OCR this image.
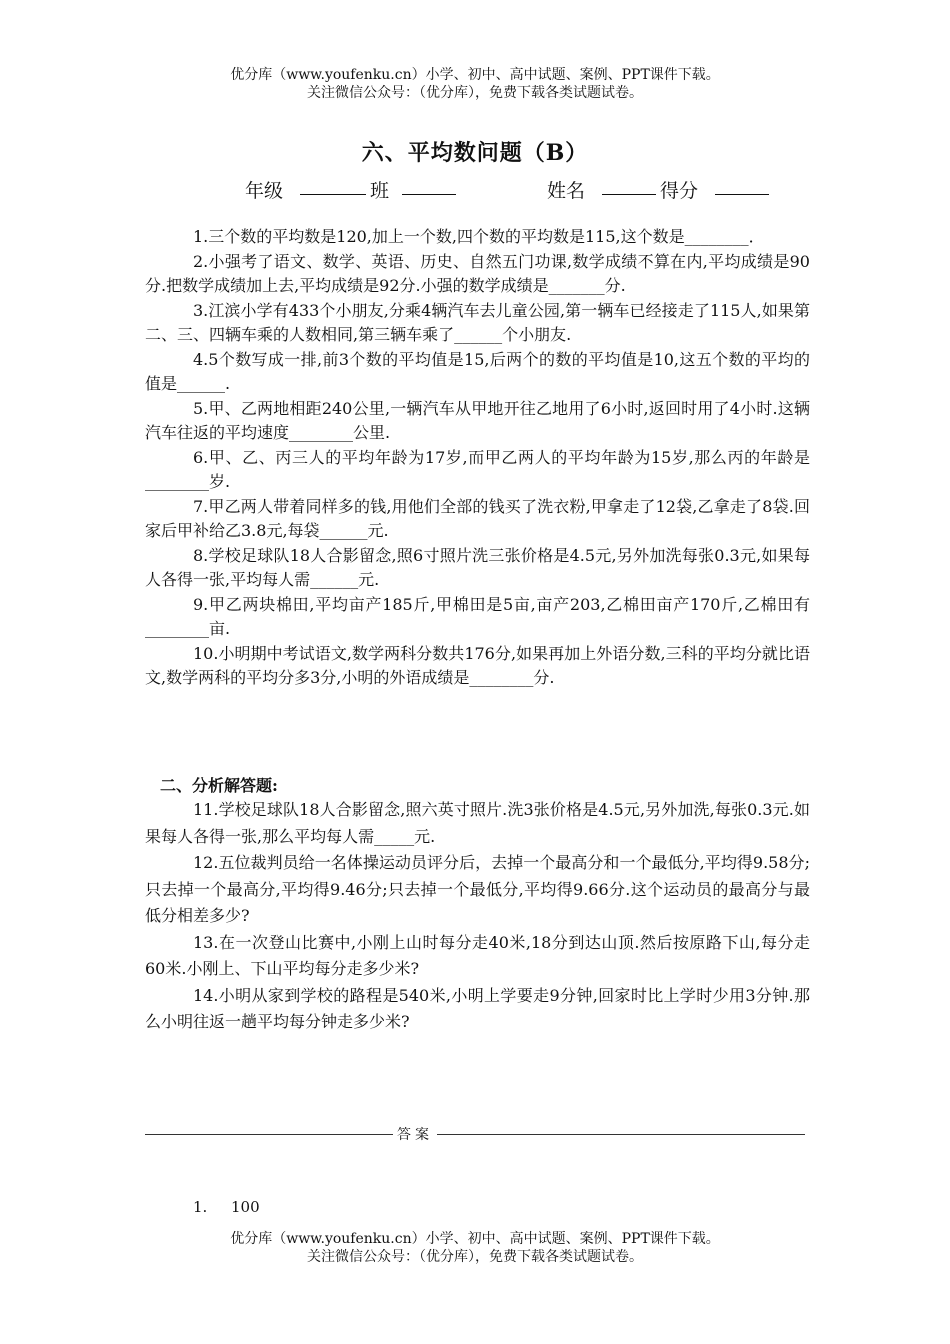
优分库（www.youfenku.cn）小学、初中、高中试题、案例、PPT课件下载。
关注微信公众号：（优分库），免费下载各类试题试卷。
六、平均数问题（B）
年级	班	姓名	得分

1.三个数的平均数是120,加上一个数,四个数的平均数是115,这个数是________．

2.小强考了语文、数学、英语、历史、自然五门功课,数学成绩不算在内,平均成绩是90分.把数学成绩加上去,平均成绩是92分.小强的数学成绩是_______分.

3.江滨小学有433个小朋友,分乘4辆汽车去儿童公园,第一辆车已经接走了115人,如果第二、三、四辆车乘的人数相同,第三辆车乘了______个小朋友.

4.5个数写成一排,前3个数的平均值是15,后两个的数的平均值是10,这五个数的平均的值是______.

5.甲、乙两地相距240公里,一辆汽车从甲地开往乙地用了6小时,返回时用了4小时.这辆汽车往返的平均速度________公里.

6.甲、乙、丙三人的平均年龄为17岁,而甲乙两人的平均年龄为15岁,那么丙的年龄是________岁.

7.甲乙两人带着同样多的钱,用他们全部的钱买了洗衣粉,甲拿走了12袋,乙拿走了8袋.回家后甲补给乙3.8元,每袋______元.

8.学校足球队18人合影留念,照6寸照片洗三张价格是4.5元,另外加洗每张0.3元,如果每人各得一张,平均每人需______元.

9.甲乙两块棉田,平均亩产185斤,甲棉田是5亩,亩产203,乙棉田亩产170斤,乙棉田有________亩.

10.小明期中考试语文,数学两科分数共176分,如果再加上外语分数,三科的平均分就比语文,数学两科的平均分多3分,小明的外语成绩是________分.

二、分析解答题:

11.学校足球队18人合影留念,照六英寸照片.洗3张价格是4.5元,另外加洗,每张0.3元.如果每人各得一张,那么平均每人需_____元.

12.五位裁判员给一名体操运动员评分后，去掉一个最高分和一个最低分,平均得9.58分;只去掉一个最高分,平均得9.46分;只去掉一个最低分,平均得9.66分.这个运动员的最高分与最低分相差多少?

13.在一次登山比赛中,小刚上山时每分走40米,18分到达山顶.然后按原路下山,每分走60米.小刚上、下山平均每分走多少米?

14.小明从家到学校的路程是540米,小明上学要走9分钟,回家时比上学时少用3分钟.那么小明往返一趟平均每分钟走多少米?

答案
1. 100
优分库（www.youfenku.cn）小学、初中、高中试题、案例、PPT课件下载。
关注微信公众号：（优分库），免费下载各类试题试卷。
